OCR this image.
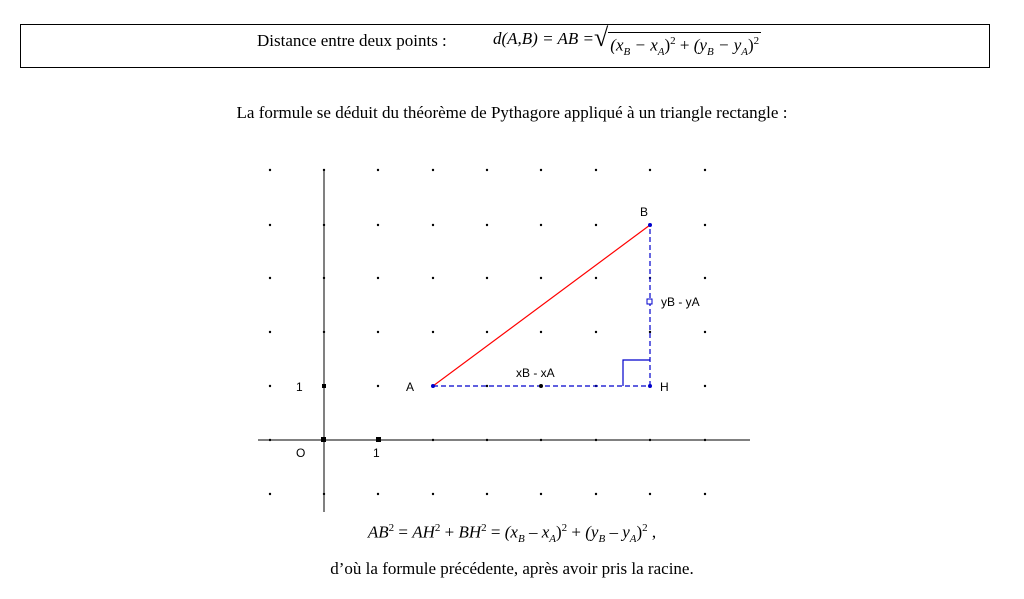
Distance entre deux points :	d(A,B) = AB = √ $(x_B - x_A)^2 + (y_B - y_A)^2$
La formule se déduit du théorème de Pythagore appliqué à un triangle rectangle :
A
B
H
O	1
1
xB - xA
yB - yA
$AB^2 = AH^2 + BH^2 = (x_B - x_A)^2 + (y_B - y_A)^2$ ,
d’où la formule précédente, après avoir pris la racine.
